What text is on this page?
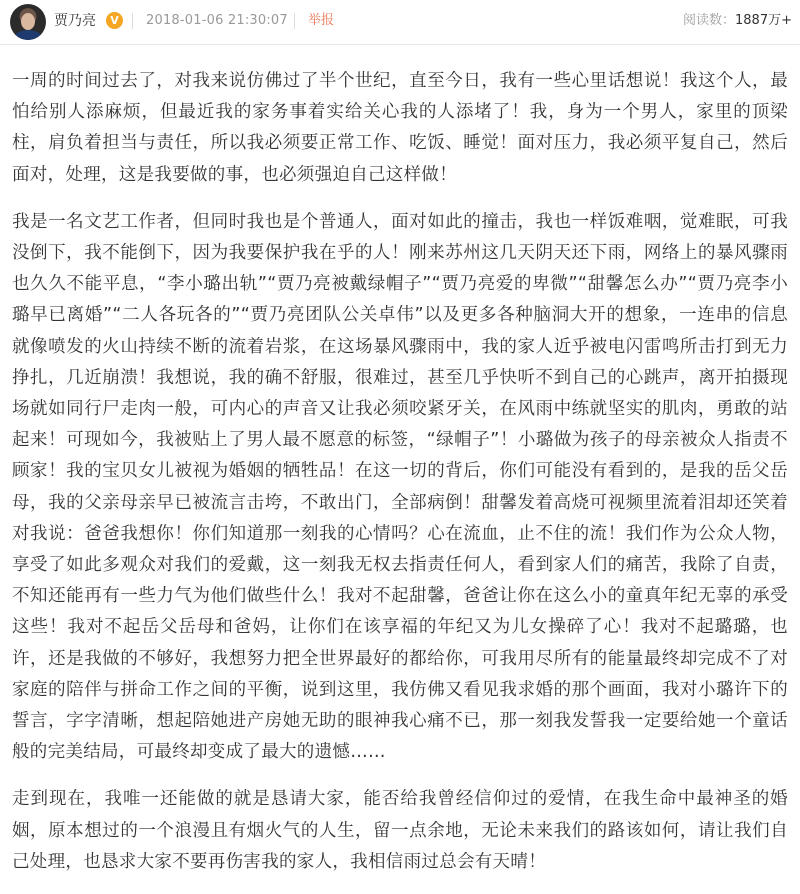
贾乃亮	V	2018-01-06 21:30:07 举报	阅读数：1887万+

一周的时间过去了，对我来说仿佛过了半个世纪，直至今日，我有一些心里话想说！我这个人，最怕给别人添麻烦，但最近我的家务事着实给关心我的人添堵了！我，身为一个男人，家里的顶梁柱，肩负着担当与责任，所以我必须要正常工作、吃饭、睡觉！面对压力，我必须平复自己，然后面对，处理，这是我要做的事，也必须强迫自己这样做！

我是一名文艺工作者，但同时我也是个普通人，面对如此的撞击，我也一样饭难咽，觉难眠，可我没倒下，我不能倒下，因为我要保护我在乎的人！刚来苏州这几天阴天还下雨，网络上的暴风骤雨也久久不能平息，“李小璐出轨”“贾乃亮被戴绿帽子”“贾乃亮爱的卑微”“甜馨怎么办”“贾乃亮李小璐早已离婚”“二人各玩各的”“贾乃亮团队公关卓伟”以及更多各种脑洞大开的想象，一连串的信息就像喷发的火山持续不断的流着岩浆，在这场暴风骤雨中，我的家人近乎被电闪雷鸣所击打到无力挣扎，几近崩溃！我想说，我的确不舒服，很难过，甚至几乎快听不到自己的心跳声，离开拍摄现场就如同行尸走肉一般，可内心的声音又让我必须咬紧牙关，在风雨中练就坚实的肌肉，勇敢的站起来！可现如今，我被贴上了男人最不愿意的标签，“绿帽子”！小璐做为孩子的母亲被众人指责不顾家！我的宝贝女儿被视为婚姻的牺牲品！在这一切的背后，你们可能没有看到的，是我的岳父岳母，我的父亲母亲早已被流言击垮，不敢出门，全部病倒！甜馨发着高烧可视频里流着泪却还笑着对我说：爸爸我想你！你们知道那一刻我的心情吗？心在流血，止不住的流！我们作为公众人物，享受了如此多观众对我们的爱戴，这一刻我无权去指责任何人，看到家人们的痛苦，我除了自责，不知还能再有一些力气为他们做些什么！我对不起甜馨，爸爸让你在这么小的童真年纪无辜的承受这些！我对不起岳父岳母和爸妈，让你们在该享福的年纪又为儿女操碎了心！我对不起璐璐，也许，还是我做的不够好，我想努力把全世界最好的都给你，可我用尽所有的能量最终却完成不了对家庭的陪伴与拼命工作之间的平衡，说到这里，我仿佛又看见我求婚的那个画面，我对小璐许下的誓言，字字清晰，想起陪她进产房她无助的眼神我心痛不已，那一刻我发誓我一定要给她一个童话般的完美结局，可最终却变成了最大的遗憾……

走到现在，我唯一还能做的就是恳请大家，能否给我曾经信仰过的爱情，在我生命中最神圣的婚姻，原本想过的一个浪漫且有烟火气的人生，留一点余地，无论未来我们的路该如何，请让我们自己处理，也恳求大家不要再伤害我的家人，我相信雨过总会有天晴！
